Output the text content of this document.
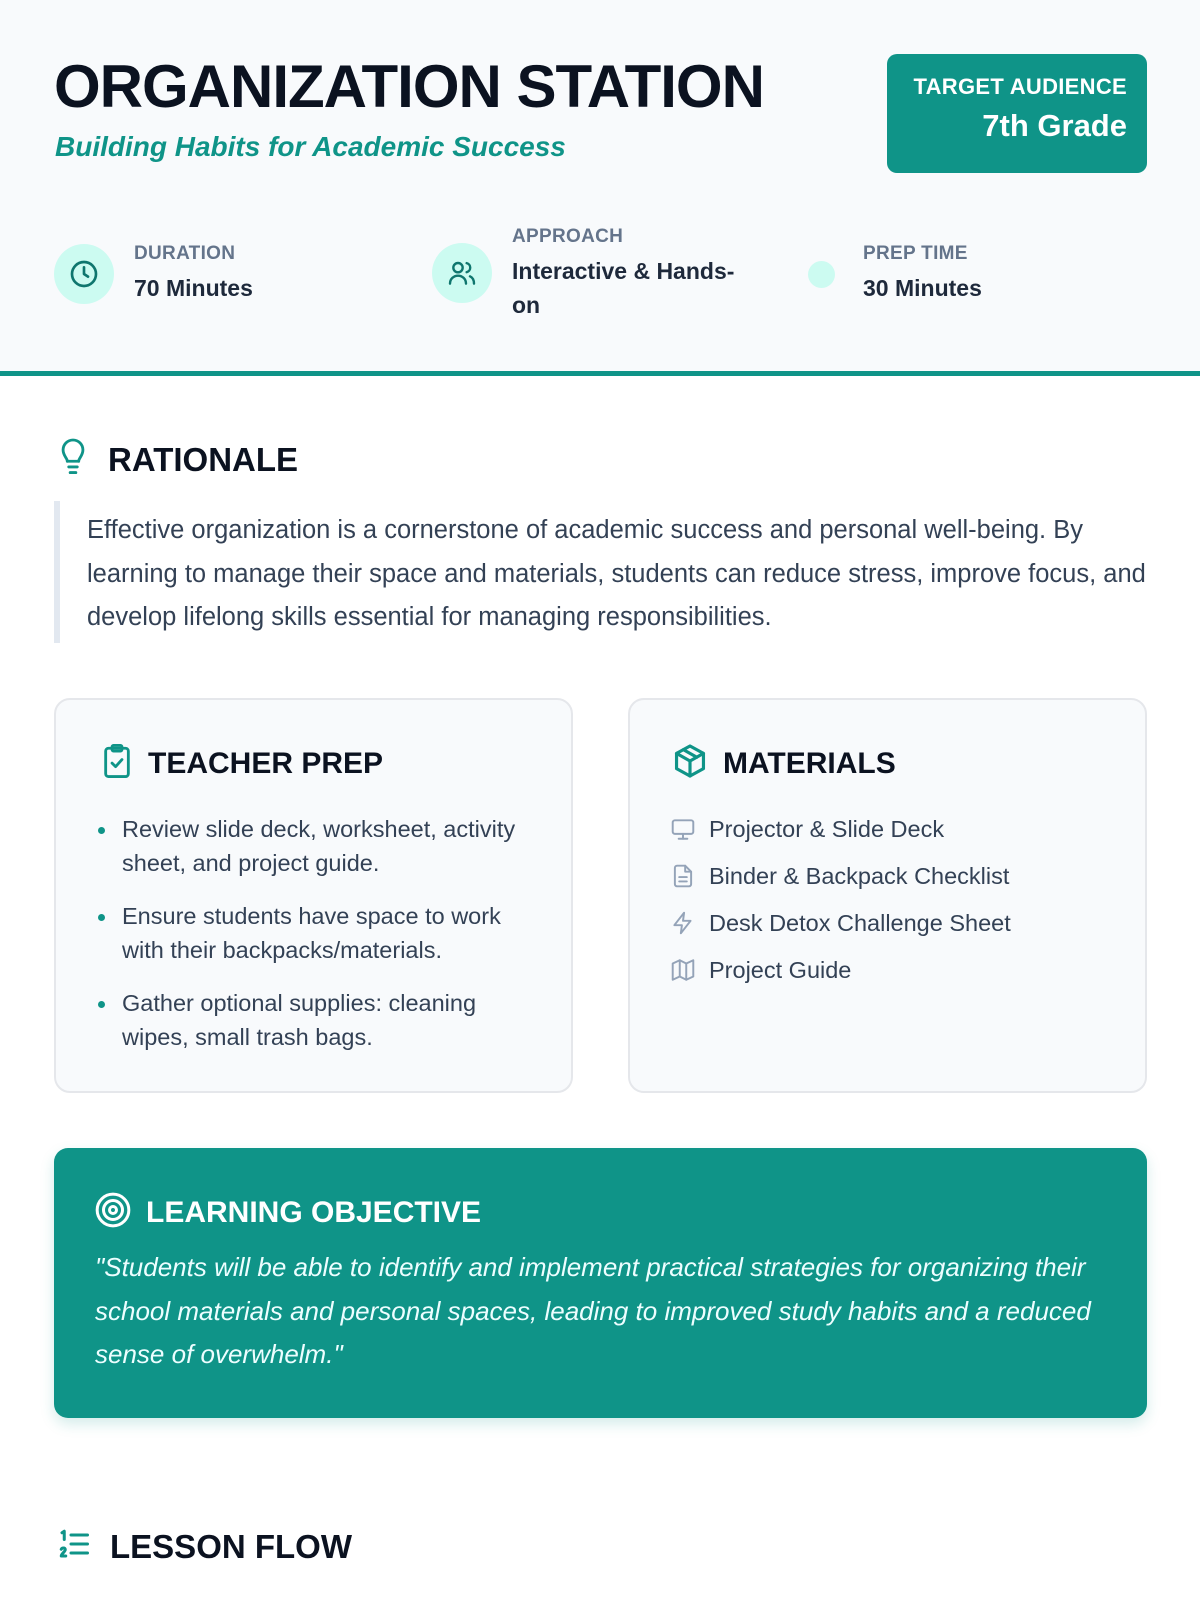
ORGANIZATION STATION
Building Habits for Academic Success
TARGET AUDIENCE
7th Grade
DURATION
70 Minutes
APPROACH
Interactive & Hands-on
PREP TIME
30 Minutes
RATIONALE
Effective organization is a cornerstone of academic success and personal well-being. By learning to manage their space and materials, students can reduce stress, improve focus, and develop lifelong skills essential for managing responsibilities.
TEACHER PREP
Review slide deck, worksheet, activity sheet, and project guide.
Ensure students have space to work with their backpacks/materials.
Gather optional supplies: cleaning wipes, small trash bags.
MATERIALS
Projector & Slide Deck
Binder & Backpack Checklist
Desk Detox Challenge Sheet
Project Guide
LEARNING OBJECTIVE
"Students will be able to identify and implement practical strategies for organizing their school materials and personal spaces, leading to improved study habits and a reduced sense of overwhelm."
LESSON FLOW
